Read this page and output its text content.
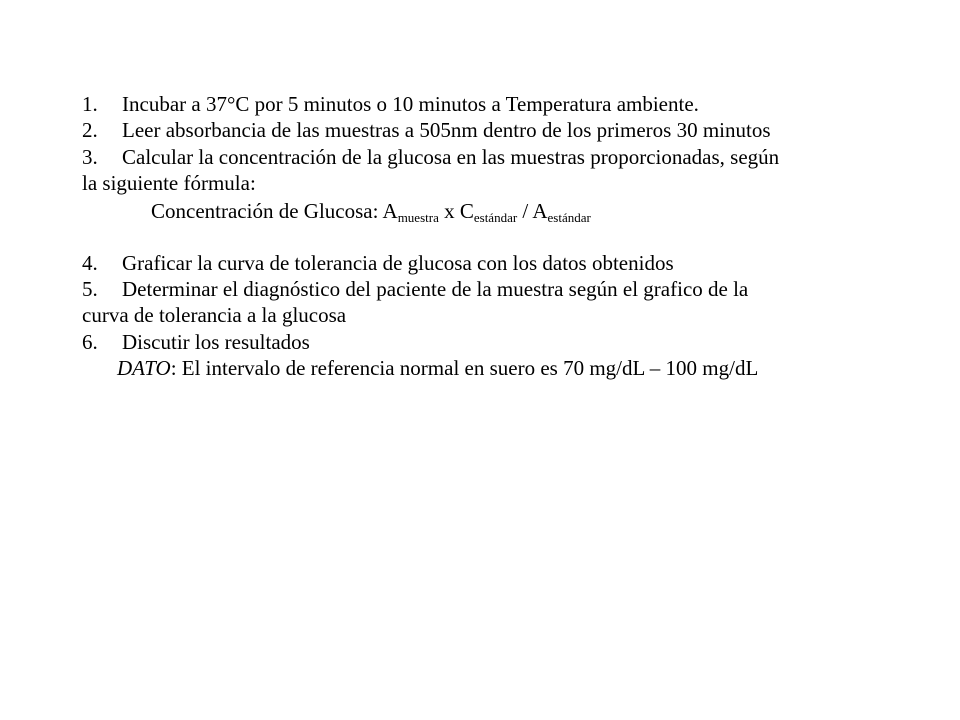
1. Incubar a 37°C por 5 minutos o 10 minutos a Temperatura ambiente.
2. Leer absorbancia de las muestras a 505nm dentro de los primeros 30 minutos
3. Calcular la concentración de la glucosa en las muestras proporcionadas, según
la siguiente fórmula:
Concentración de Glucosa: $A_{muestra}$ x $C_{estándar} / A_{estándar}$
4. Graficar la curva de tolerancia de glucosa con los datos obtenidos
5. Determinar el diagnóstico del paciente de la muestra según el grafico de la
curva de tolerancia a la glucosa
6. Discutir los resultados
DATO: El intervalo de referencia normal en suero es 70 mg/dL – 100 mg/dL
